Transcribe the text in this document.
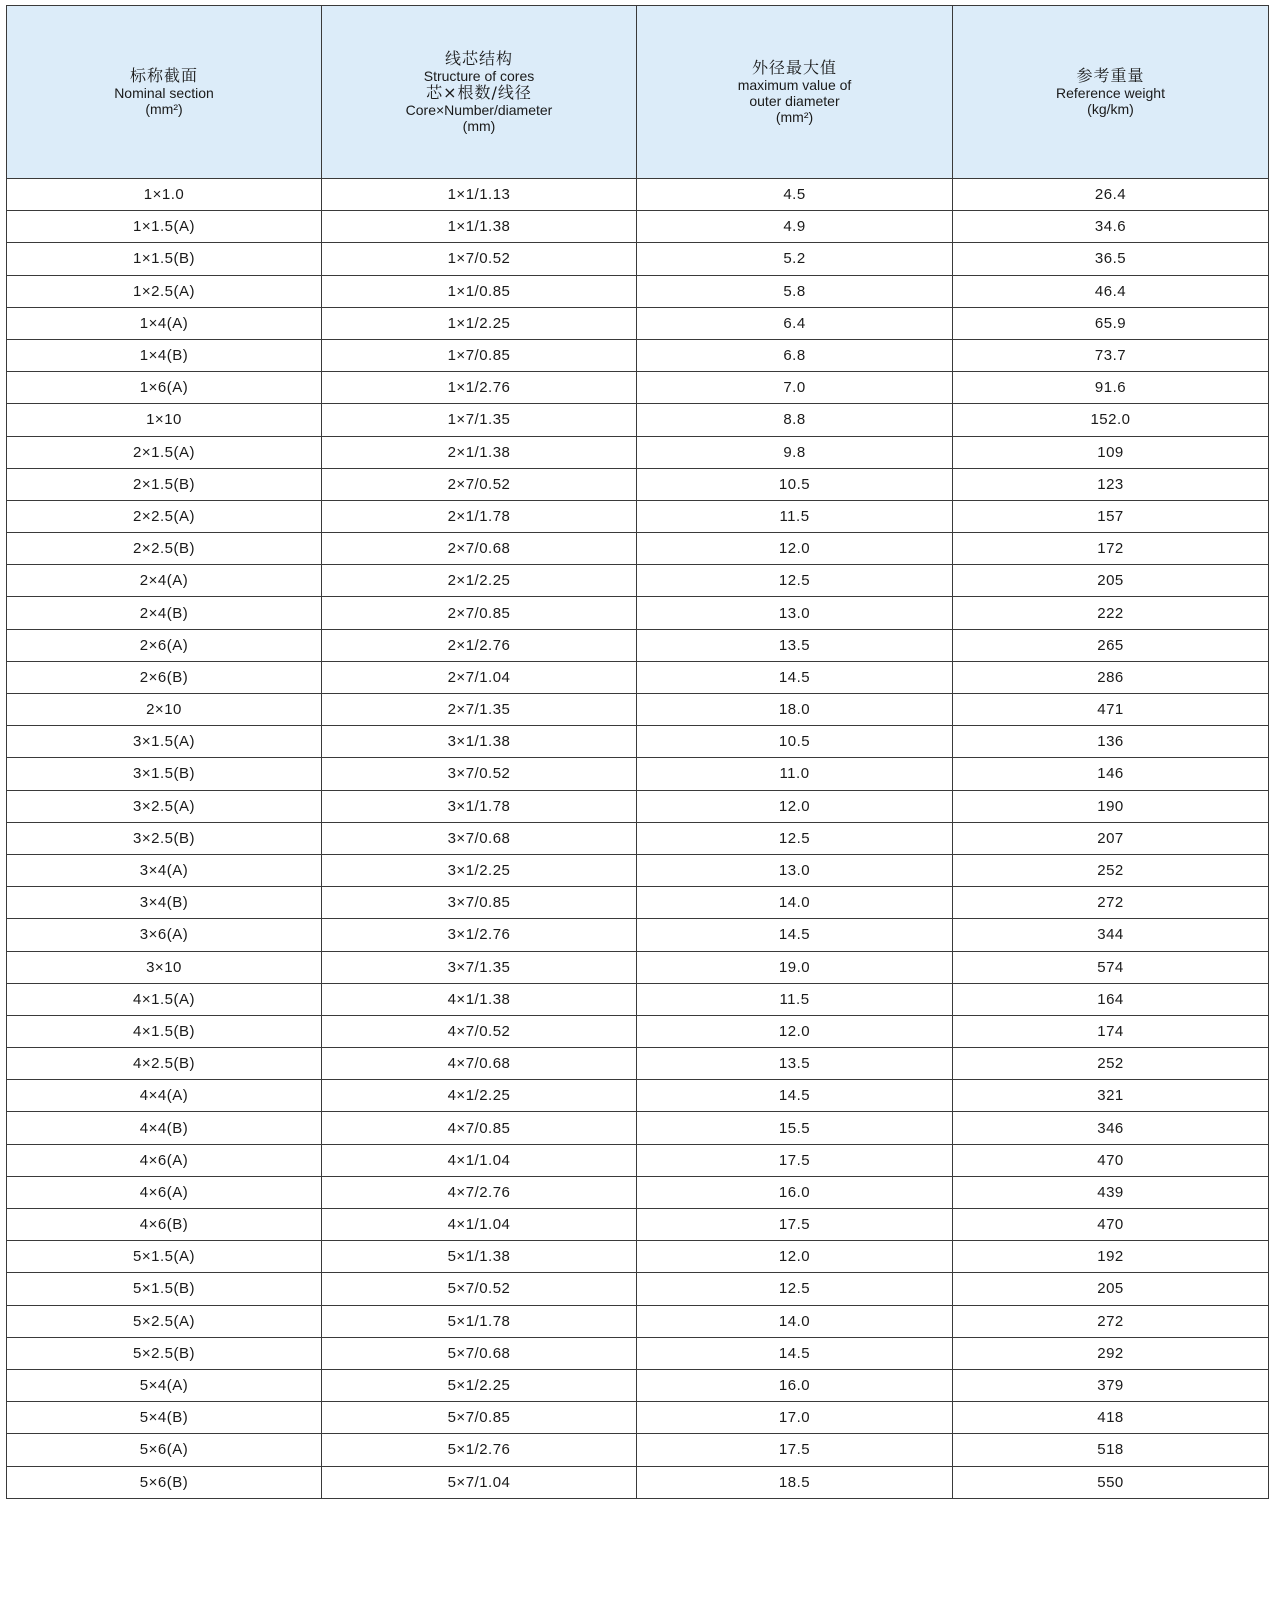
标称截面
Nominal section
(mm²)	线芯结构
Structure of cores
芯×根数/线径
Core×Number/diameter
(mm)	外径最大值
maximum value of
outer diameter
(mm²)	参考重量
Reference weight
(kg/km)

1×1.0	1×1/1.13	4.5	26.4
1×1.5(A)	1×1/1.38	4.9	34.6
1×1.5(B)	1×7/0.52	5.2	36.5
1×2.5(A)	1×1/0.85	5.8	46.4
1×4(A)	1×1/2.25	6.4	65.9
1×4(B)	1×7/0.85	6.8	73.7
1×6(A)	1×1/2.76	7.0	91.6
1×10	1×7/1.35	8.8	152.0
2×1.5(A)	2×1/1.38	9.8	109
2×1.5(B)	2×7/0.52	10.5	123
2×2.5(A)	2×1/1.78	11.5	157
2×2.5(B)	2×7/0.68	12.0	172
2×4(A)	2×1/2.25	12.5	205
2×4(B)	2×7/0.85	13.0	222
2×6(A)	2×1/2.76	13.5	265
2×6(B)	2×7/1.04	14.5	286
2×10	2×7/1.35	18.0	471
3×1.5(A)	3×1/1.38	10.5	136
3×1.5(B)	3×7/0.52	11.0	146
3×2.5(A)	3×1/1.78	12.0	190
3×2.5(B)	3×7/0.68	12.5	207
3×4(A)	3×1/2.25	13.0	252
3×4(B)	3×7/0.85	14.0	272
3×6(A)	3×1/2.76	14.5	344
3×10	3×7/1.35	19.0	574
4×1.5(A)	4×1/1.38	11.5	164
4×1.5(B)	4×7/0.52	12.0	174
4×2.5(B)	4×7/0.68	13.5	252
4×4(A)	4×1/2.25	14.5	321
4×4(B)	4×7/0.85	15.5	346
4×6(A)	4×1/1.04	17.5	470
4×6(A)	4×7/2.76	16.0	439
4×6(B)	4×1/1.04	17.5	470
5×1.5(A)	5×1/1.38	12.0	192
5×1.5(B)	5×7/0.52	12.5	205
5×2.5(A)	5×1/1.78	14.0	272
5×2.5(B)	5×7/0.68	14.5	292
5×4(A)	5×1/2.25	16.0	379
5×4(B)	5×7/0.85	17.0	418
5×6(A)	5×1/2.76	17.5	518
5×6(B)	5×7/1.04	18.5	550
